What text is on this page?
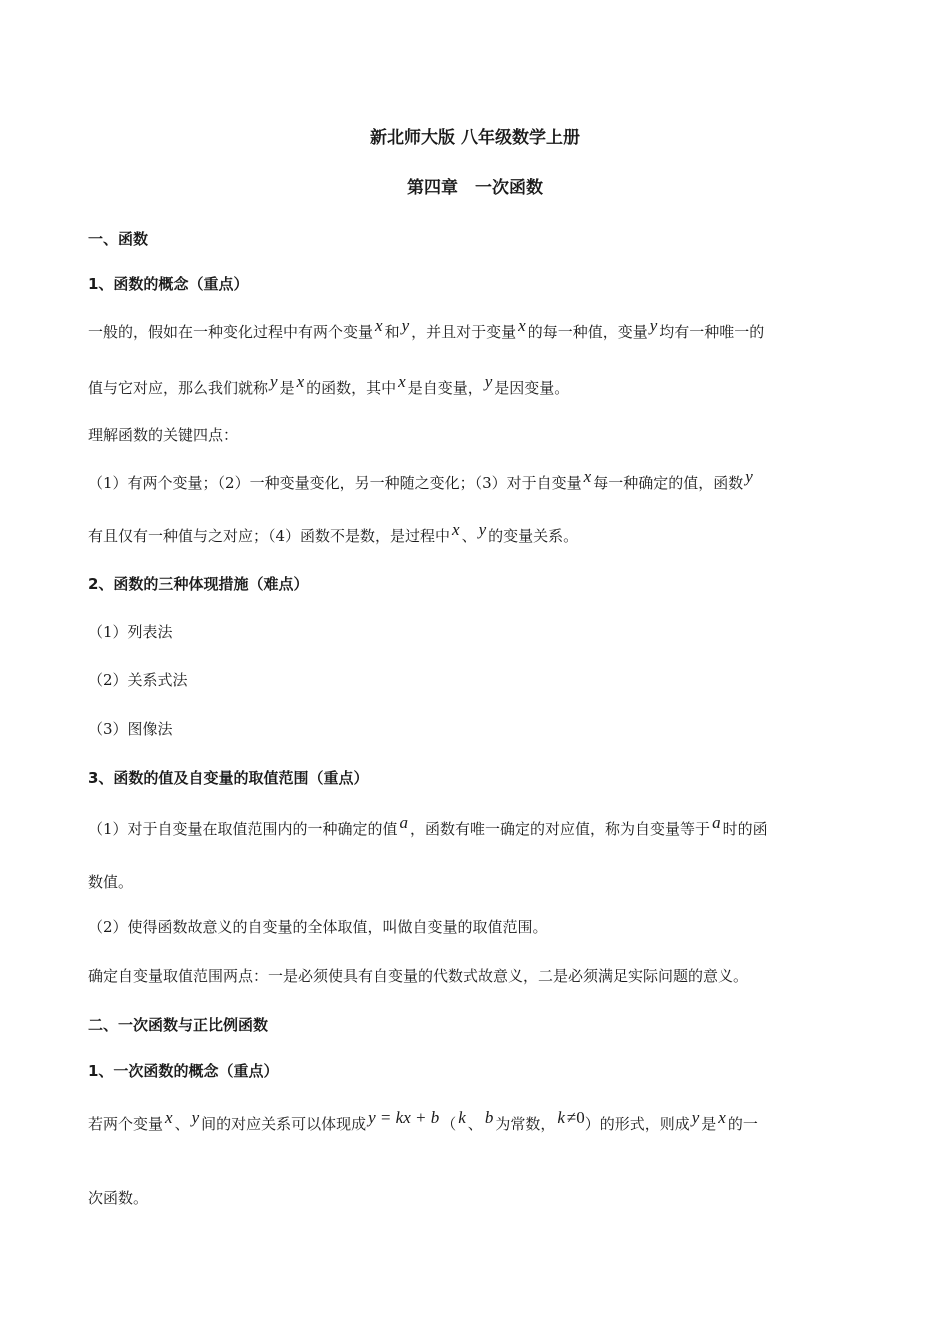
新北师大版 八年级数学上册
第四章　一次函数
一、函数
1、函数的概念（重点）
一般的，假如在一种变化过程中有两个变量 x 和 y ，并且对于变量 x 的每一种值，变量 y 均有一种唯一的
值与它对应，那么我们就称 y 是 x 的函数，其中 x 是自变量， y 是因变量。
理解函数的关键四点：
（1）有两个变量；（2）一种变量变化，另一种随之变化；（3）对于自变量 x 每一种确定的值，函数 y
有且仅有一种值与之对应；（4）函数不是数，是过程中 x 、 y 的变量关系。
2、函数的三种体现措施（难点）
（1）列表法
（2）关系式法
（3）图像法
3、函数的值及自变量的取值范围（重点）
（1）对于自变量在取值范围内的一种确定的值 a ，函数有唯一确定的对应值，称为自变量等于 a 时的函
数值。
（2）使得函数故意义的自变量的全体取值，叫做自变量的取值范围。
确定自变量取值范围两点：一是必须使具有自变量的代数式故意义，二是必须满足实际问题的意义。
二、一次函数与正比例函数
1、一次函数的概念（重点）
若两个变量 x 、 y 间的对应关系可以体现成 y = kx + b （ k 、 b 为常数， k ≠0）的形式，则成 y 是 x 的一
次函数。
